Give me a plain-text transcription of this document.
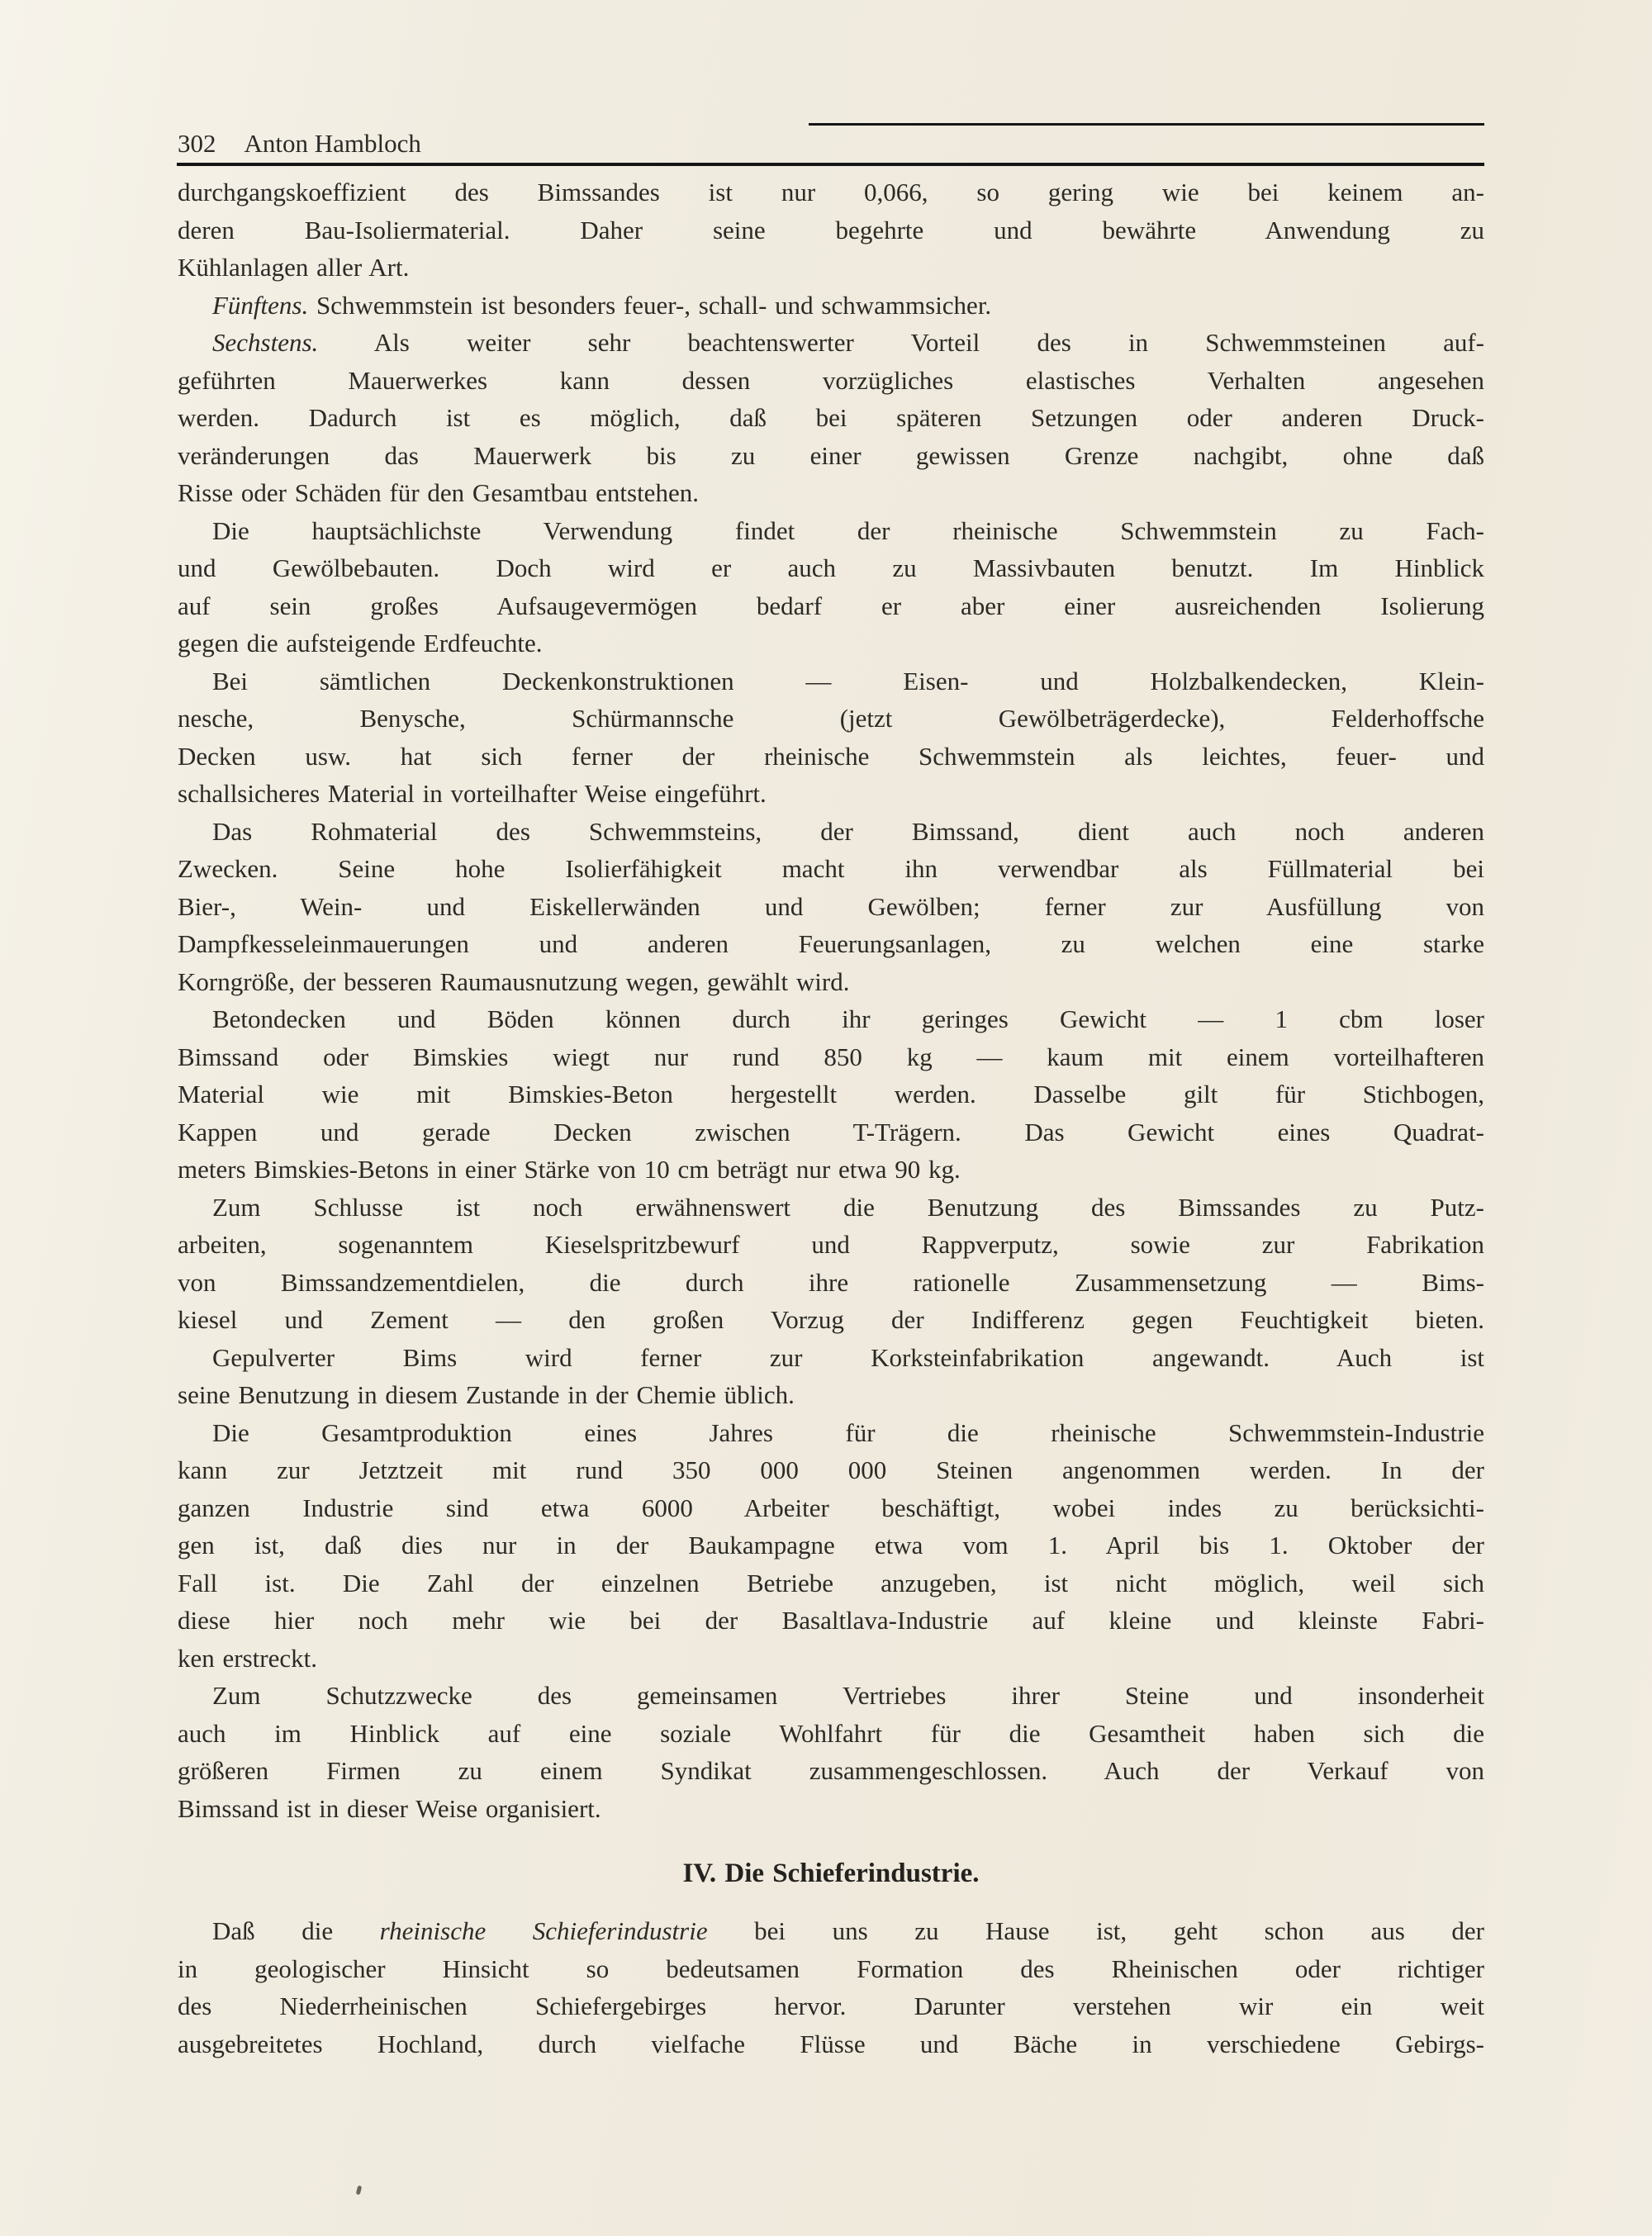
302 Anton Hambloch

durchgangskoeffizient des Bimssandes ist nur 0,066, so gering wie bei keinem an-
deren Bau-Isoliermaterial. Daher seine begehrte und bewährte Anwendung zu
Kühlanlagen aller Art.

Fünftens. Schwemmstein ist besonders feuer-, schall- und schwammsicher.

Sechstens. Als weiter sehr beachtenswerter Vorteil des in Schwemmsteinen auf-
geführten Mauerwerkes kann dessen vorzügliches elastisches Verhalten angesehen
werden. Dadurch ist es möglich, daß bei späteren Setzungen oder anderen Druck-
veränderungen das Mauerwerk bis zu einer gewissen Grenze nachgibt, ohne daß
Risse oder Schäden für den Gesamtbau entstehen.

Die hauptsächlichste Verwendung findet der rheinische Schwemmstein zu Fach-
und Gewölbebauten. Doch wird er auch zu Massivbauten benutzt. Im Hinblick
auf sein großes Aufsaugevermögen bedarf er aber einer ausreichenden Isolierung
gegen die aufsteigende Erdfeuchte.

Bei sämtlichen Deckenkonstruktionen — Eisen- und Holzbalkendecken, Klein-
nesche, Benysche, Schürmannsche (jetzt Gewölbeträgerdecke), Felderhoffsche
Decken usw. hat sich ferner der rheinische Schwemmstein als leichtes, feuer- und
schallsicheres Material in vorteilhafter Weise eingeführt.

Das Rohmaterial des Schwemmsteins, der Bimssand, dient auch noch anderen
Zwecken. Seine hohe Isolierfähigkeit macht ihn verwendbar als Füllmaterial bei
Bier-, Wein- und Eiskellerwänden und Gewölben; ferner zur Ausfüllung von
Dampfkesseleinmauerungen und anderen Feuerungsanlagen, zu welchen eine starke
Korngröße, der besseren Raumausnutzung wegen, gewählt wird.

Betondecken und Böden können durch ihr geringes Gewicht — 1 cbm loser
Bimssand oder Bimskies wiegt nur rund 850 kg — kaum mit einem vorteilhafteren
Material wie mit Bimskies-Beton hergestellt werden. Dasselbe gilt für Stichbogen,
Kappen und gerade Decken zwischen T-Trägern. Das Gewicht eines Quadrat-
meters Bimskies-Betons in einer Stärke von 10 cm beträgt nur etwa 90 kg.

Zum Schlusse ist noch erwähnenswert die Benutzung des Bimssandes zu Putz-
arbeiten, sogenanntem Kieselspritzbewurf und Rappverputz, sowie zur Fabrikation
von Bimssandzementdielen, die durch ihre rationelle Zusammensetzung — Bims-
kiesel und Zement — den großen Vorzug der Indifferenz gegen Feuchtigkeit bieten.

Gepulverter Bims wird ferner zur Korksteinfabrikation angewandt. Auch ist
seine Benutzung in diesem Zustande in der Chemie üblich.

Die Gesamtproduktion eines Jahres für die rheinische Schwemmstein-Industrie
kann zur Jetztzeit mit rund 350 000 000 Steinen angenommen werden. In der
ganzen Industrie sind etwa 6000 Arbeiter beschäftigt, wobei indes zu berücksichti-
gen ist, daß dies nur in der Baukampagne etwa vom 1. April bis 1. Oktober der
Fall ist. Die Zahl der einzelnen Betriebe anzugeben, ist nicht möglich, weil sich
diese hier noch mehr wie bei der Basaltlava-Industrie auf kleine und kleinste Fabri-
ken erstreckt.

Zum Schutzzwecke des gemeinsamen Vertriebes ihrer Steine und insonderheit
auch im Hinblick auf eine soziale Wohlfahrt für die Gesamtheit haben sich die
größeren Firmen zu einem Syndikat zusammengeschlossen. Auch der Verkauf von
Bimssand ist in dieser Weise organisiert.

IV. Die Schieferindustrie.

Daß die rheinische Schieferindustrie bei uns zu Hause ist, geht schon aus der
in geologischer Hinsicht so bedeutsamen Formation des Rheinischen oder richtiger
des Niederrheinischen Schiefergebirges hervor. Darunter verstehen wir ein weit
ausgebreitetes Hochland, durch vielfache Flüsse und Bäche in verschiedene Gebirgs-
